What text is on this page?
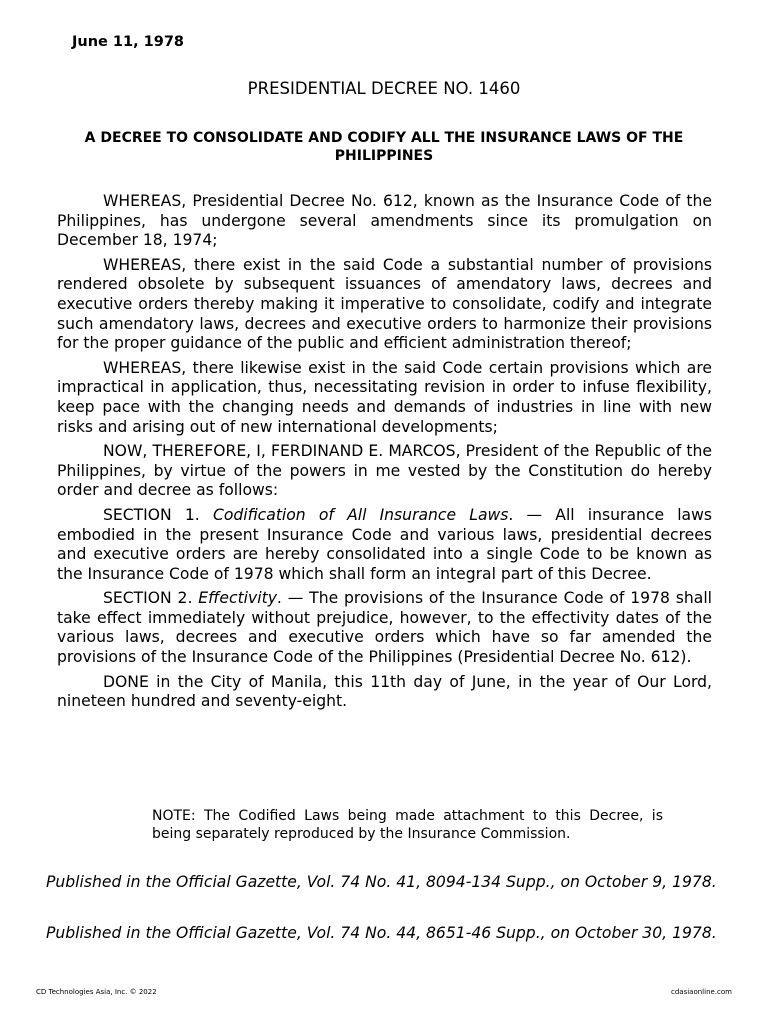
June 11, 1978

PRESIDENTIAL DECREE NO. 1460
A DECREE TO CONSOLIDATE AND CODIFY ALL THE INSURANCE LAWS OF THE PHILIPPINES

WHEREAS, Presidential Decree No. 612, known as the Insurance Code of the Philippines, has undergone several amendments since its promulgation on December 18, 1974;

WHEREAS, there exist in the said Code a substantial number of provisions rendered obsolete by subsequent issuances of amendatory laws, decrees and executive orders thereby making it imperative to consolidate, codify and integrate such amendatory laws, decrees and executive orders to harmonize their provisions for the proper guidance of the public and efficient administration thereof;

WHEREAS, there likewise exist in the said Code certain provisions which are impractical in application, thus, necessitating revision in order to infuse flexibility, keep pace with the changing needs and demands of industries in line with new risks and arising out of new international developments;

NOW, THEREFORE, I, FERDINAND E. MARCOS, President of the Republic of the Philippines, by virtue of the powers in me vested by the Constitution do hereby order and decree as follows:

SECTION 1. Codification of All Insurance Laws. — All insurance laws embodied in the present Insurance Code and various laws, presidential decrees and executive orders are hereby consolidated into a single Code to be known as the Insurance Code of 1978 which shall form an integral part of this Decree.

SECTION 2. Effectivity. — The provisions of the Insurance Code of 1978 shall take effect immediately without prejudice, however, to the effectivity dates of the various laws, decrees and executive orders which have so far amended the provisions of the Insurance Code of the Philippines (Presidential Decree No. 612).

DONE in the City of Manila, this 11th day of June, in the year of Our Lord, nineteen hundred and seventy-eight.

NOTE: The Codified Laws being made attachment to this Decree, is being separately reproduced by the Insurance Commission.

Published in the Official Gazette, Vol. 74 No. 41, 8094-134 Supp., on October 9, 1978.

Published in the Official Gazette, Vol. 74 No. 44, 8651-46 Supp., on October 30, 1978.

CD Technologies Asia, Inc. © 2022	cdasiaonline.com
